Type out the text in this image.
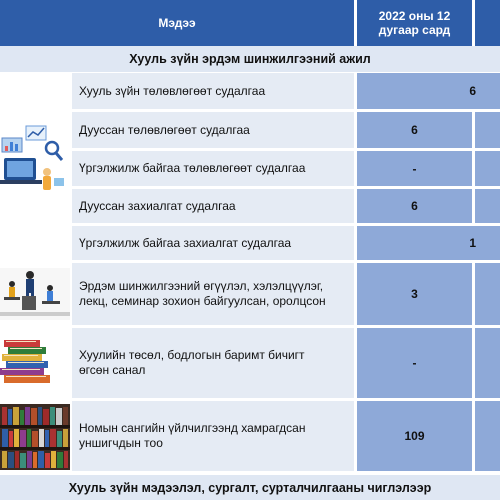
Мэдээ	2022 оны 12
дугаар сард
Хууль зүйн эрдэм шинжилгээний ажил
Хууль зүйн төлөвлөгөөт судалгаа	6
Дууссан төлөвлөгөөт судалгаа	6
Үргэлжилж байгаа төлөвлөгөөт судалгаа	-
Дууссан захиалгат судалгаа	6
Үргэлжилж байгаа захиалгат судалгаа	1
Эрдэм шинжилгээний өгүүлэл, хэлэлцүүлэг,
лекц, семинар зохион байгуулсан, оролцсон	3
Хуулийн төсөл, бодлогын баримт бичигт
өгсөн санал	-
Номын сангийн үйлчилгээнд хамрагдсан
уншигчдын тоо	109
Хууль зүйн мэдээлэл, сургалт, сурталчилгааны чиглэлээр
